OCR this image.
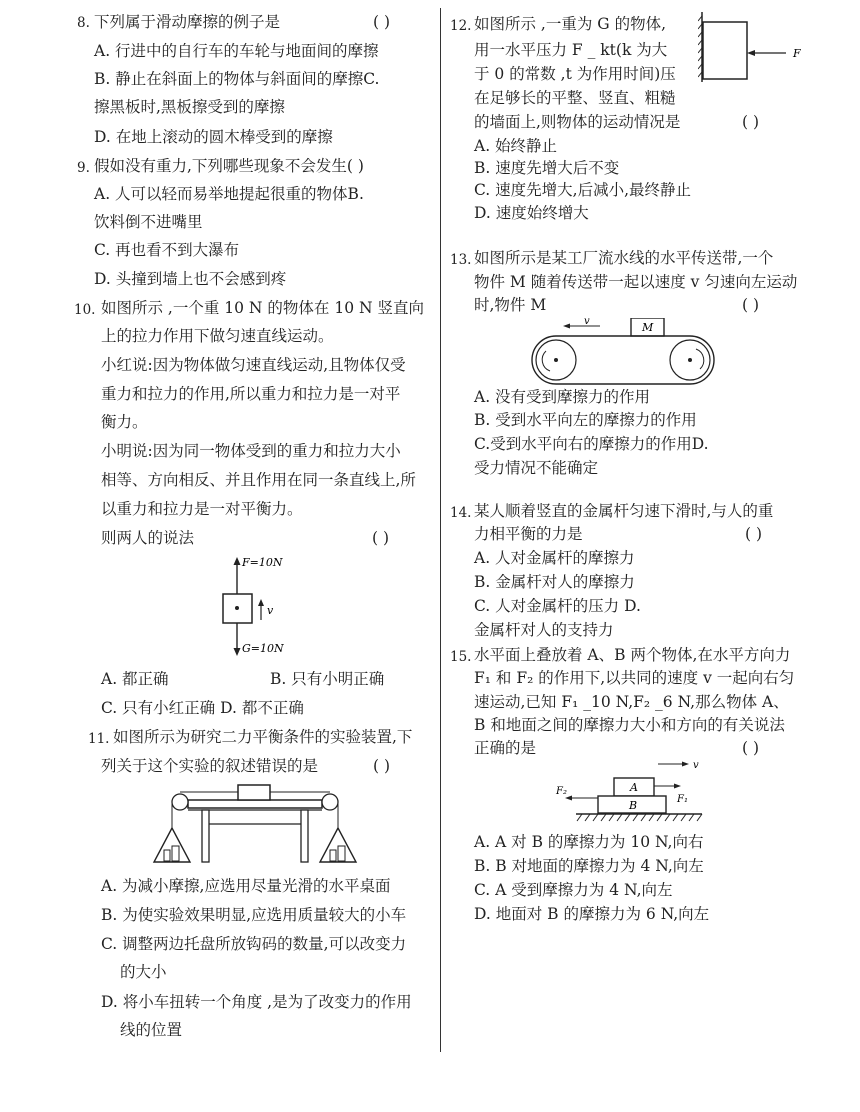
8. 下列属于滑动摩擦的例子是	( )
A. 行进中的自行车的车轮与地面间的摩擦
B. 静止在斜面上的物体与斜面间的摩擦C.
擦黑板时,黑板擦受到的摩擦
D. 在地上滚动的圆木棒受到的摩擦
9. 假如没有重力,下列哪些现象不会发生( )
A. 人可以轻而易举地提起很重的物体B.
饮料倒不进嘴里
C. 再也看不到大瀑布
D. 头撞到墙上也不会感到疼
10. 如图所示 ,一个重 10 N 的物体在 10 N 竖直向
上的拉力作用下做匀速直线运动。
小红说:因为物体做匀速直线运动,且物体仅受
重力和拉力的作用,所以重力和拉力是一对平
衡力。
小明说:因为同一物体受到的重力和拉力大小
相等、方向相反、并且作用在同一条直线上,所
以重力和拉力是一对平衡力。
则两人的说法	( )
F=10N
v
G=10N
A. 都正确	B. 只有小明正确
C. 只有小红正确 D. 都不正确
11. 如图所示为研究二力平衡条件的实验装置,下
列关于这个实验的叙述错误的是	( )
A. 为减小摩擦,应选用尽量光滑的水平桌面
B. 为使实验效果明显,应选用质量较大的小车
C. 调整两边托盘所放钩码的数量,可以改变力
的大小
D. 将小车扭转一个角度 ,是为了改变力的作用
线的位置
12. 如图所示 ,一重为 G 的物体,
用一水平压力 F _ kt(k 为大
于 0 的常数 ,t 为作用时间)压
在足够长的平整、竖直、粗糙
的墙面上,则物体的运动情况是	( )
F
A. 始终静止
B. 速度先增大后不变
C. 速度先增大,后减小,最终静止
D. 速度始终增大
13. 如图所示是某工厂流水线的水平传送带,一个
物件 M 随着传送带一起以速度 v 匀速向左运动
时,物件 M	( )
M
v
A. 没有受到摩擦力的作用
B. 受到水平向左的摩擦力的作用
C.受到水平向右的摩擦力的作用D.
受力情况不能确定
14. 某人顺着竖直的金属杆匀速下滑时,与人的重
力相平衡的力是	( )
A. 人对金属杆的摩擦力
B. 金属杆对人的摩擦力
C. 人对金属杆的压力 D.
金属杆对人的支持力
15. 水平面上叠放着 A、B 两个物体,在水平方向力
F₁ 和 F₂ 的作用下,以共同的速度 v 一起向右匀
速运动,已知 F₁ _10 N,F₂ _6 N,那么物体 A、
B 和地面之间的摩擦力大小和方向的有关说法
正确的是	( )
v
A
B
F₂
F₁
A. A 对 B 的摩擦力为 10 N,向右
B. B 对地面的摩擦力为 4 N,向左
C. A 受到摩擦力为 4 N,向左
D. 地面对 B 的摩擦力为 6 N,向左
